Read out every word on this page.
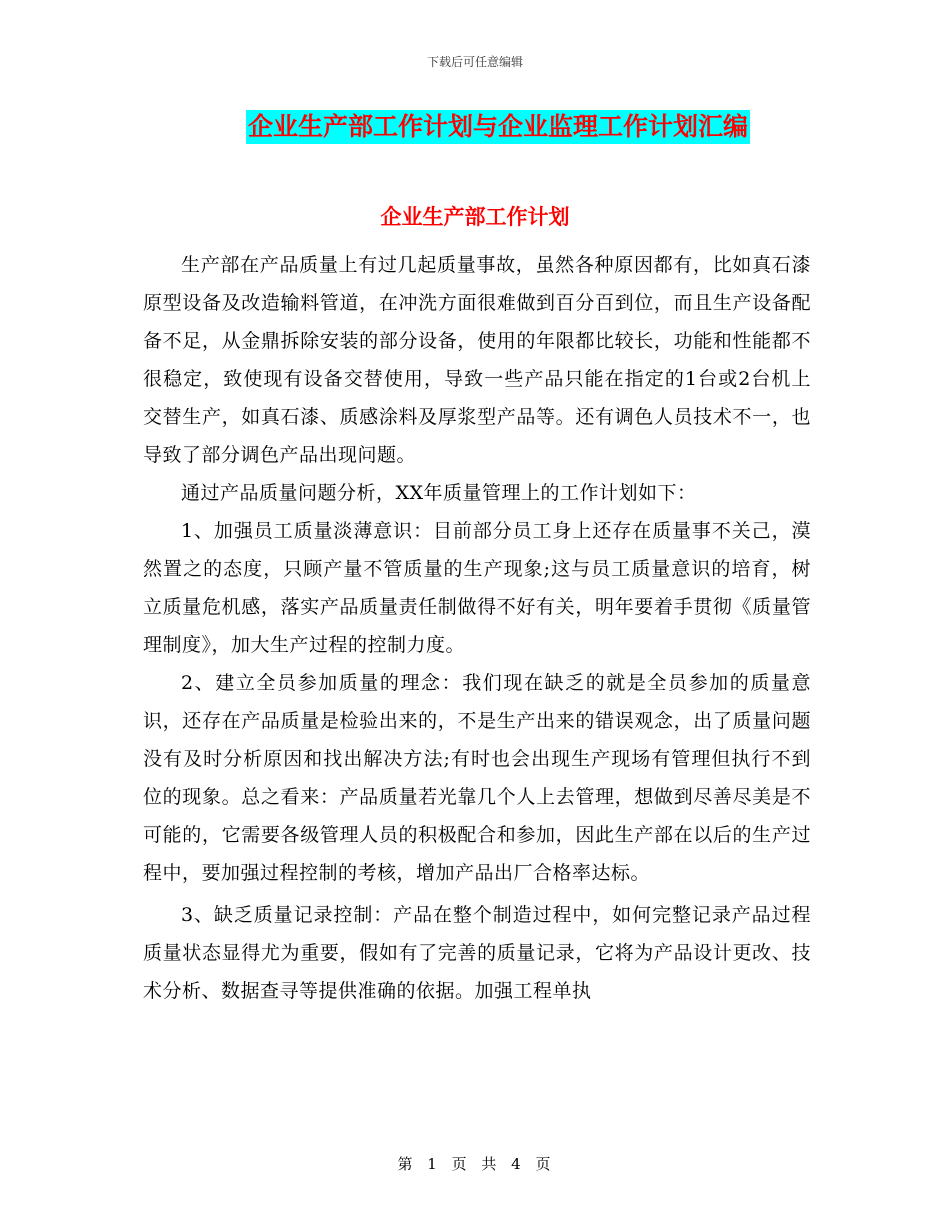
下载后可任意编辑
企业生产部工作计划与企业监理工作计划汇编
企业生产部工作计划

生产部在产品质量上有过几起质量事故，虽然各种原因都有，比如真石漆原型设备及改造输料管道，在冲洗方面很难做到百分百到位，而且生产设备配备不足，从金鼎拆除安装的部分设备，使用的年限都比较长，功能和性能都不很稳定，致使现有设备交替使用，导致一些产品只能在指定的1台或2台机上交替生产，如真石漆、质感涂料及厚浆型产品等。还有调色人员技术不一，也导致了部分调色产品出现问题。

通过产品质量问题分析，XX年质量管理上的工作计划如下：

1、加强员工质量淡薄意识：目前部分员工身上还存在质量事不关己，漠然置之的态度，只顾产量不管质量的生产现象;这与员工质量意识的培育，树立质量危机感，落实产品质量责任制做得不好有关，明年要着手贯彻《质量管理制度》，加大生产过程的控制力度。

2、建立全员参加质量的理念：我们现在缺乏的就是全员参加的质量意识，还存在产品质量是检验出来的，不是生产出来的错误观念，出了质量问题没有及时分析原因和找出解决方法;有时也会出现生产现场有管理但执行不到位的现象。总之看来：产品质量若光靠几个人上去管理，想做到尽善尽美是不可能的，它需要各级管理人员的积极配合和参加，因此生产部在以后的生产过程中，要加强过程控制的考核，增加产品出厂合格率达标。

3、缺乏质量记录控制：产品在整个制造过程中，如何完整记录产品过程质量状态显得尤为重要，假如有了完善的质量记录，它将为产品设计更改、技术分析、数据查寻等提供准确的依据。加强工程单执

第 1 页 共 4 页
